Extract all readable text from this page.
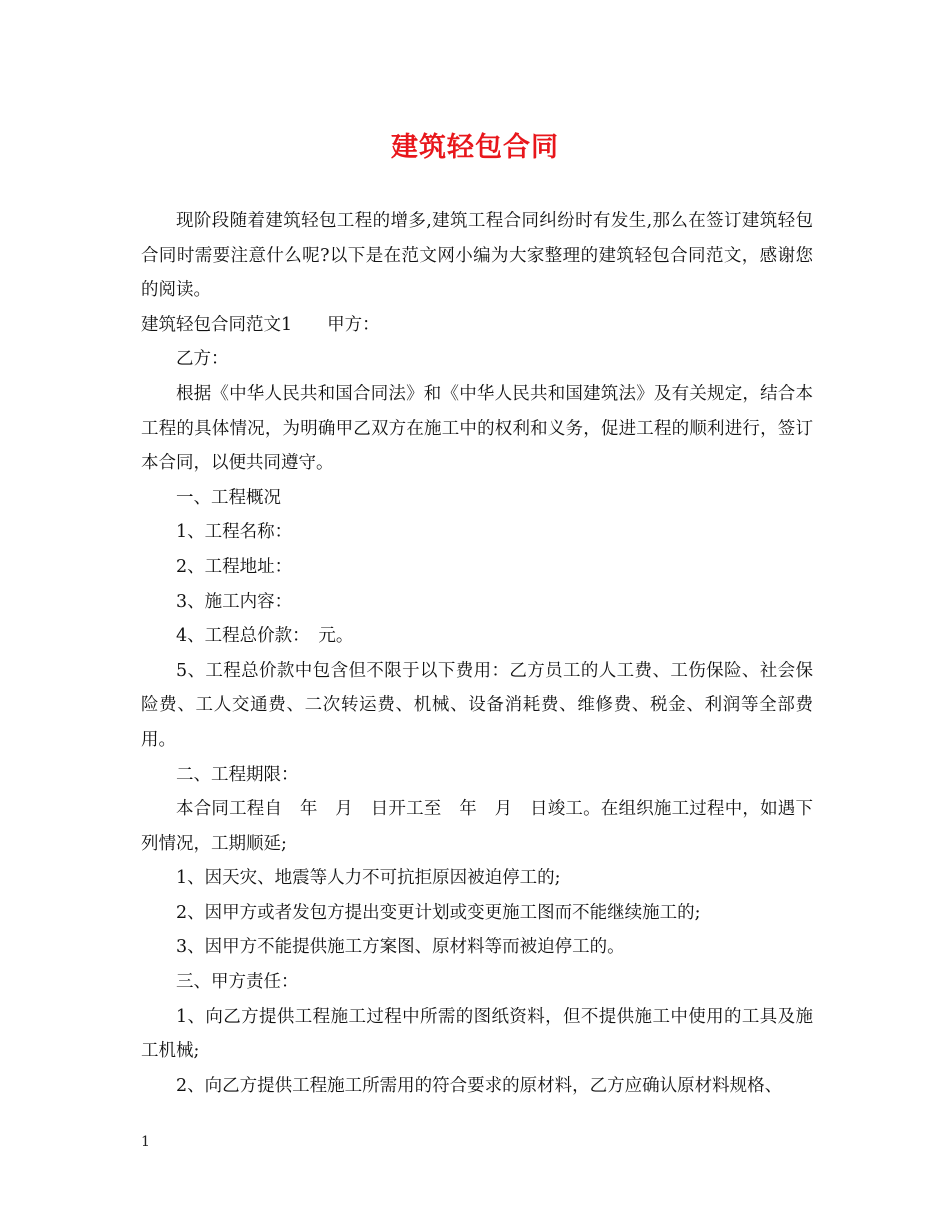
建筑轻包合同

现阶段随着建筑轻包工程的增多,建筑工程合同纠纷时有发生,那么在签订建筑轻包合同时需要注意什么呢?以下是在范文网小编为大家整理的建筑轻包合同范文，感谢您的阅读。

建筑轻包合同范文1　　甲方：

乙方：

根据《中华人民共和国合同法》和《中华人民共和国建筑法》及有关规定，结合本工程的具体情况，为明确甲乙双方在施工中的权利和义务，促进工程的顺利进行，签订本合同，以便共同遵守。

一、工程概况

1、工程名称：

2、工程地址：

3、施工内容：

4、工程总价款：　元。

5、工程总价款中包含但不限于以下费用：乙方员工的人工费、工伤保险、社会保险费、工人交通费、二次转运费、机械、设备消耗费、维修费、税金、利润等全部费用。

二、工程期限：

本合同工程自　年　月　日开工至　年　月　日竣工。在组织施工过程中，如遇下列情况，工期顺延;

1、因天灾、地震等人力不可抗拒原因被迫停工的;

2、因甲方或者发包方提出变更计划或变更施工图而不能继续施工的;

3、因甲方不能提供施工方案图、原材料等而被迫停工的。

三、甲方责任：

1、向乙方提供工程施工过程中所需的图纸资料，但不提供施工中使用的工具及施工机械;

2、向乙方提供工程施工所需用的符合要求的原材料，乙方应确认原材料规格、

1
